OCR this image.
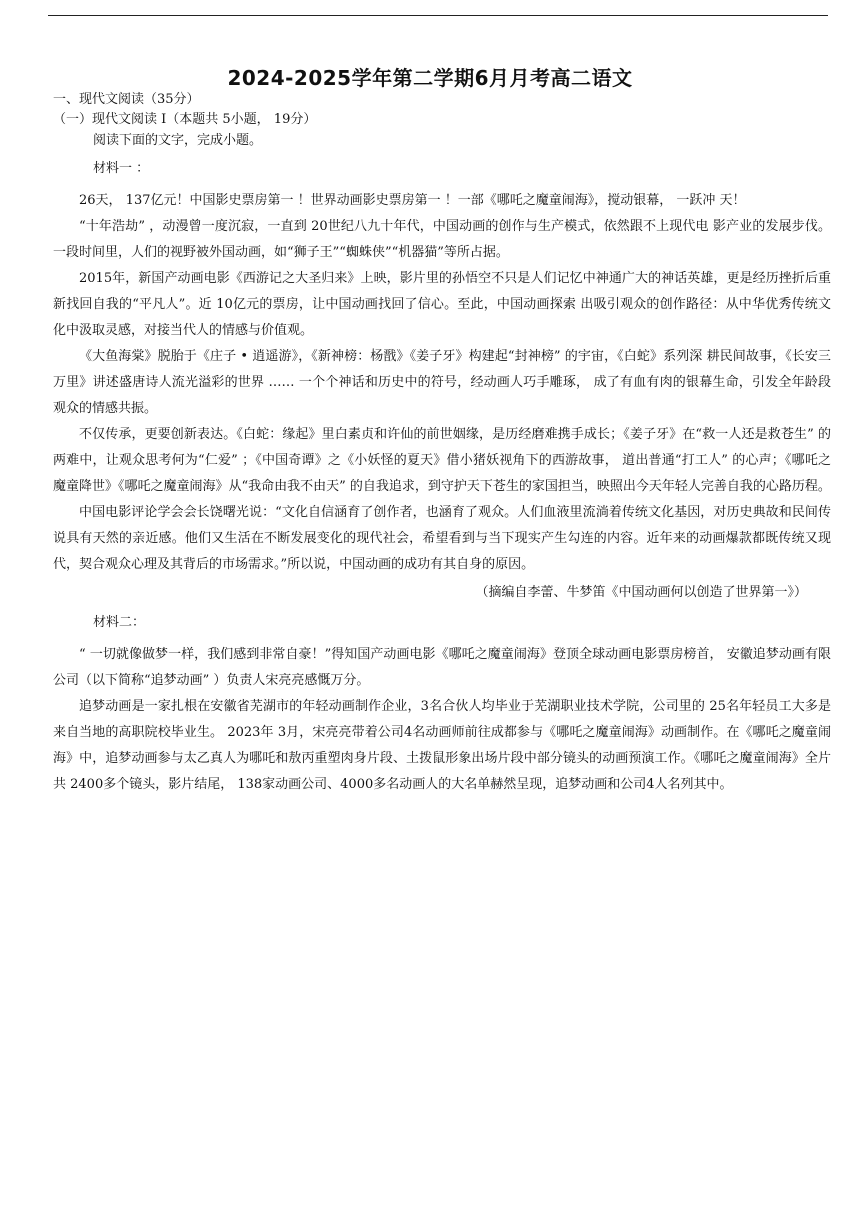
2024-2025学年第二学期6月月考高二语文
一、现代文阅读（35分）
（一）现代文阅读 I（本题共 5小题， 19分）
阅读下面的文字，完成小题。
材料一 ：

26天， 137亿元！中国影史票房第一 ！世界动画影史票房第一 ！一部《哪吒之魔童闹海》，搅动银幕， 一跃冲 天！

“十年浩劫” ，动漫曾一度沉寂，一直到 20世纪八九十年代，中国动画的创作与生产模式，依然跟不上现代电 影产业的发展步伐。 一段时间里，人们的视野被外国动画，如“狮子王”“蜘蛛侠”“机器猫”等所占据。

2015年，新国产动画电影《西游记之大圣归来》上映，影片里的孙悟空不只是人们记忆中神通广大的神话英雄，更是经历挫折后重新找回自我的“平凡人”。近 10亿元的票房，让中国动画找回了信心。至此，中国动画探索 出吸引观众的创作路径：从中华优秀传统文化中汲取灵感，对接当代人的情感与价值观。

《大鱼海棠》脱胎于《庄子 • 逍遥游》，《新神榜：杨戬》《姜子牙》构建起“封神榜” 的宇宙，《白蛇》系列深 耕民间故事，《长安三万里》讲述盛唐诗人流光溢彩的世界 …… 一个个神话和历史中的符号，经动画人巧手雕琢， 成了有血有肉的银幕生命，引发全年龄段观众的情感共振。

不仅传承，更要创新表达。《白蛇：缘起》里白素贞和许仙的前世姻缘，是历经磨难携手成长；《姜子牙》在“救一人还是救苍生” 的两难中，让观众思考何为“仁爱” ；《中国奇谭》之《小妖怪的夏天》借小猪妖视角下的西游故事， 道出普通“打工人” 的心声；《哪吒之魔童降世》《哪吒之魔童闹海》从“我命由我不由天” 的自我追求，到守护天下苍生的家国担当，映照出今天年轻人完善自我的心路历程。

中国电影评论学会会长饶曙光说：“文化自信涵育了创作者，也涵育了观众。人们血液里流淌着传统文化基因，对历史典故和民间传说具有天然的亲近感。他们又生活在不断发展变化的现代社会，希望看到与当下现实产生勾连的内容。近年来的动画爆款都既传统又现代，契合观众心理及其背后的市场需求。”所以说，中国动画的成功有其自身的原因。

（摘编自李蕾、牛梦笛《中国动画何以创造了世界第一》）
材料二：

“ 一切就像做梦一样，我们感到非常自豪！”得知国产动画电影《哪吒之魔童闹海》登顶全球动画电影票房榜首， 安徽追梦动画有限公司（以下简称“追梦动画” ）负责人宋亮亮感慨万分。

追梦动画是一家扎根在安徽省芜湖市的年轻动画制作企业，3名合伙人均毕业于芜湖职业技术学院，公司里的 25名年轻员工大多是来自当地的高职院校毕业生。 2023年 3月，宋亮亮带着公司4名动画师前往成都参与《哪吒之魔童闹海》动画制作。在《哪吒之魔童闹海》中，追梦动画参与太乙真人为哪吒和敖丙重塑肉身片段、土拨鼠形象出场片段中部分镜头的动画预演工作。《哪吒之魔童闹海》全片共 2400多个镜头，影片结尾， 138家动画公司、4000多名动画人的大名单赫然呈现，追梦动画和公司4人名列其中。
